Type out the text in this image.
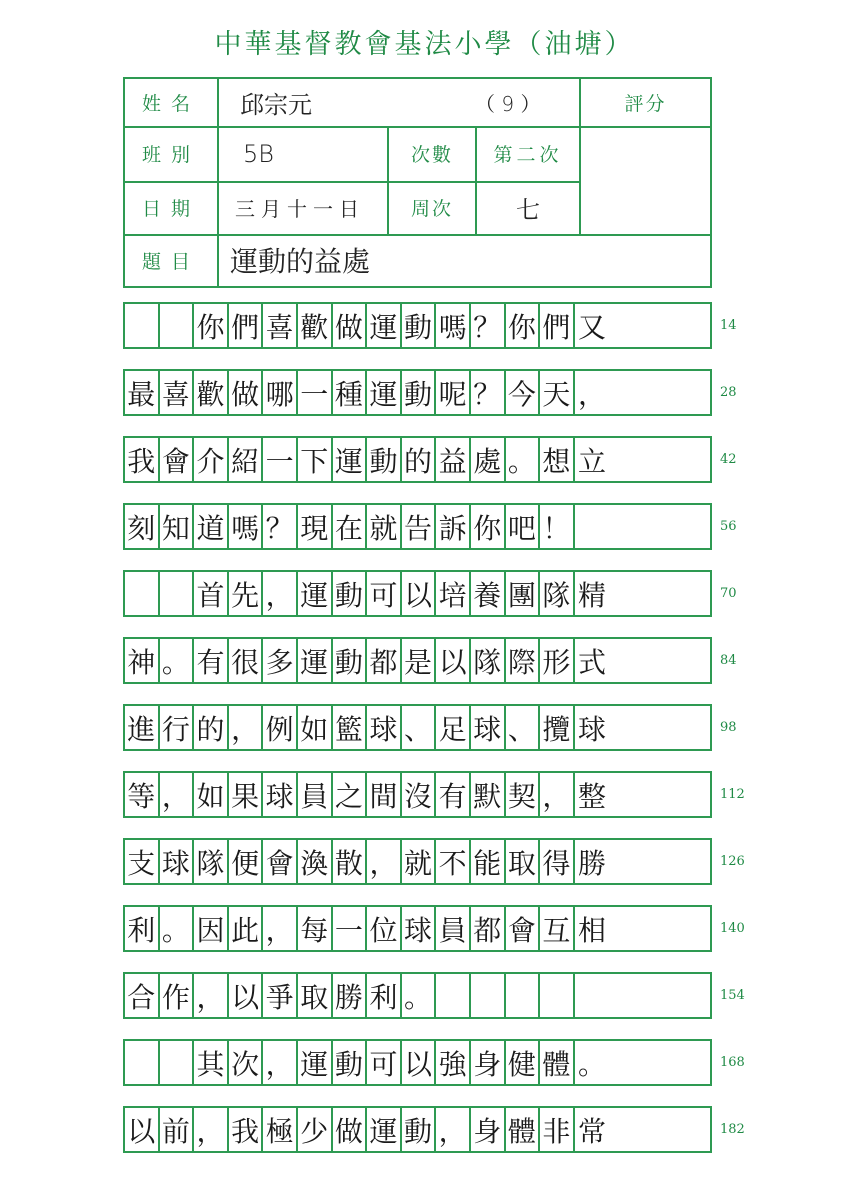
中華基督教會基法小學（油塘）
姓名	邱宗元	（ 9 ）	評分
班別	5B	次數	第二次
日期	三月十一日	周次	七
題目	運動的益處
你 們 喜 歡 做 運 動 嗎 ？ 你 們 又	14
最 喜 歡 做 哪 一 種 運 動 呢 ？ 今 天 ，	28
我 會 介 紹 一 下 運 動 的 益 處 。 想 立	42
刻 知 道 嗎 ？ 現 在 就 告 訴 你 吧 ！	56
首 先 ， 運 動 可 以 培 養 團 隊 精	70
神 。 有 很 多 運 動 都 是 以 隊 際 形 式	84
進 行 的 ， 例 如 籃 球 、 足 球 、 攬 球	98
等 ， 如 果 球 員 之 間 沒 有 默 契 ， 整	112
支 球 隊 便 會 渙 散 ， 就 不 能 取 得 勝	126
利 。 因 此 ， 每 一 位 球 員 都 會 互 相	140
合 作 ， 以 爭 取 勝 利 。	154
其 次 ， 運 動 可 以 強 身 健 體 。	168
以 前 ， 我 極 少 做 運 動 ， 身 體 非 常	182
